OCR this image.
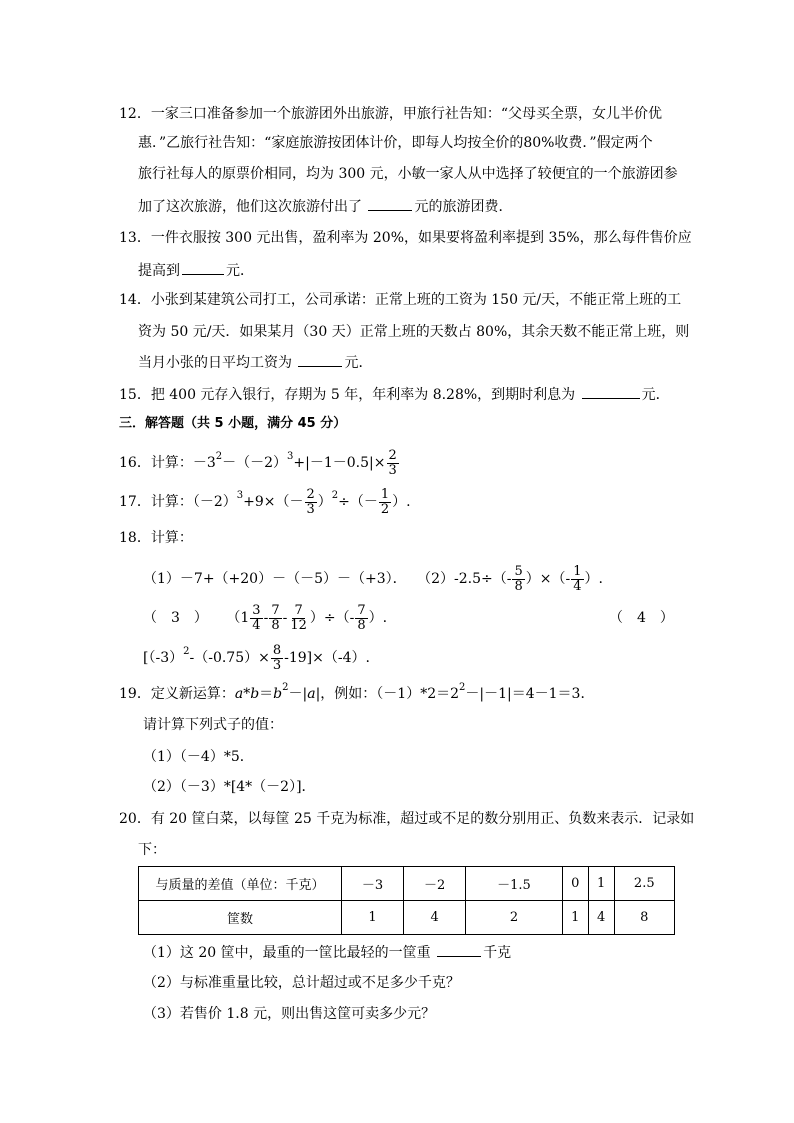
12．一家三口准备参加一个旅游团外出旅游，甲旅行社告知：“父母买全票，女儿半价优
惠．”乙旅行社告知：“家庭旅游按团体计价，即每人均按全价的80%收费．”假定两个
旅行社每人的原票价相同，均为 300 元，小敏一家人从中选择了较便宜的一个旅游团参
加了这次旅游，他们这次旅游付出了	元的旅游团费．
13．一件衣服按 300 元出售，盈利率为 20%，如果要将盈利率提到 35%，那么每件售价应
提高到	元．
14．小张到某建筑公司打工，公司承诺：正常上班的工资为 150 元/天，不能正常上班的工
资为 50 元/天．如果某月（30 天）正常上班的天数占 80%，其余天数不能正常上班，则
当月小张的日平均工资为	元．
15．把 400 元存入银行，存期为 5 年，年利率为 8.28%，到期时利息为	元．
三．解答题（共 5 小题，满分 45 分）
16．计算：$-3^2-(-2)^3+|-1-0.5|\times \frac{2}{3}$
17．计算：$(-2)^3+9\times(- \frac{2}{3} )^2\div(- \frac{1}{2}$ ）.
18．计算：
（1）－7+（+20）－（－5）－（+3）． $(2)-2.5\div(- \frac{5}{8}$ ）×（- $\frac{1}{4}$ ）.
（　3　） （$1 \frac{3}{4} - \frac{7}{8} - \frac{7}{12}$ ）÷（- $\frac{7}{8}$ ）.	（　4　）
$[(-3)^2-(-0.75)\times \frac{8}{3} -19]\times(-4)$.
19．定义新运算：$a*b=b^2-|a|$，例如：$(-1)*2=2^2-|-1|=4-1=3$．
请计算下列式子的值：
（1）（－4）*5．
（2）（－3）*[4*（－2）]．
20．有 20 筐白菜，以每筐 25 千克为标准，超过或不足的数分别用正、负数来表示．记录如
下：
与质量的差值（单位：千克）	－3	－2	－1.5	0	1	2.5
筐数	1	4	2	1	4	8
（1）这 20 筐中，最重的一筐比最轻的一筐重	千克
（2）与标准重量比较，总计超过或不足多少千克？
（3）若售价 1.8 元，则出售这筐可卖多少元？
